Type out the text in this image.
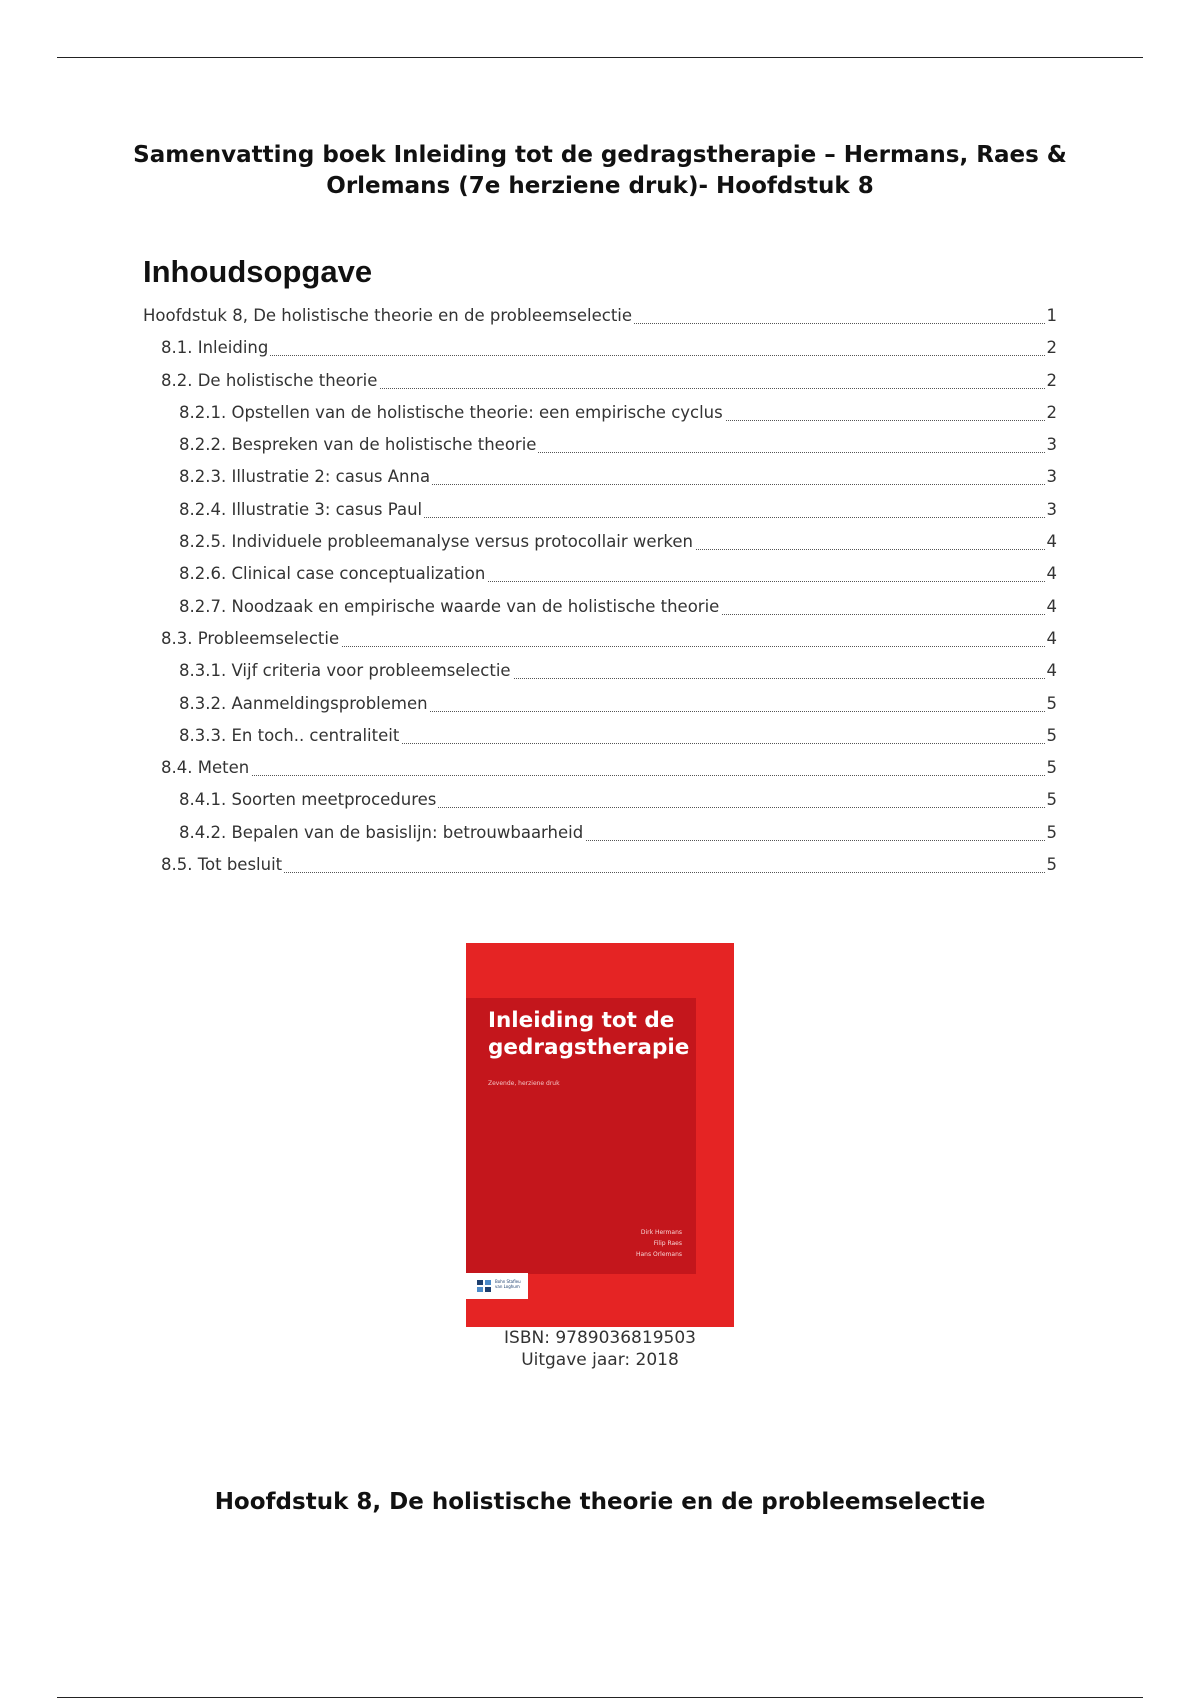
Samenvatting boek Inleiding tot de gedragstherapie – Hermans, Raes & Orlemans (7e herziene druk)- Hoofdstuk 8
Inhoudsopgave
Hoofdstuk 8, De holistische theorie en de probleemselectie	1
8.1. Inleiding	2
8.2. De holistische theorie	2
8.2.1. Opstellen van de holistische theorie: een empirische cyclus	2
8.2.2. Bespreken van de holistische theorie	3
8.2.3. Illustratie 2: casus Anna	3
8.2.4. Illustratie 3: casus Paul	3
8.2.5. Individuele probleemanalyse versus protocollair werken	4
8.2.6. Clinical case conceptualization	4
8.2.7. Noodzaak en empirische waarde van de holistische theorie	4
8.3. Probleemselectie	4
8.3.1. Vijf criteria voor probleemselectie	4
8.3.2. Aanmeldingsproblemen	5
8.3.3. En toch.. centraliteit	5
8.4. Meten	5
8.4.1. Soorten meetprocedures	5
8.4.2. Bepalen van de basislijn: betrouwbaarheid	5
8.5. Tot besluit	5
Inleiding tot de
gedragstherapie
Zevende, herziene druk
Dirk Hermans
Filip Raes
Hans Orlemans
Bohn Stafleu van Loghum
ISBN: 9789036819503
Uitgave jaar: 2018
Hoofdstuk 8, De holistische theorie en de probleemselectie
